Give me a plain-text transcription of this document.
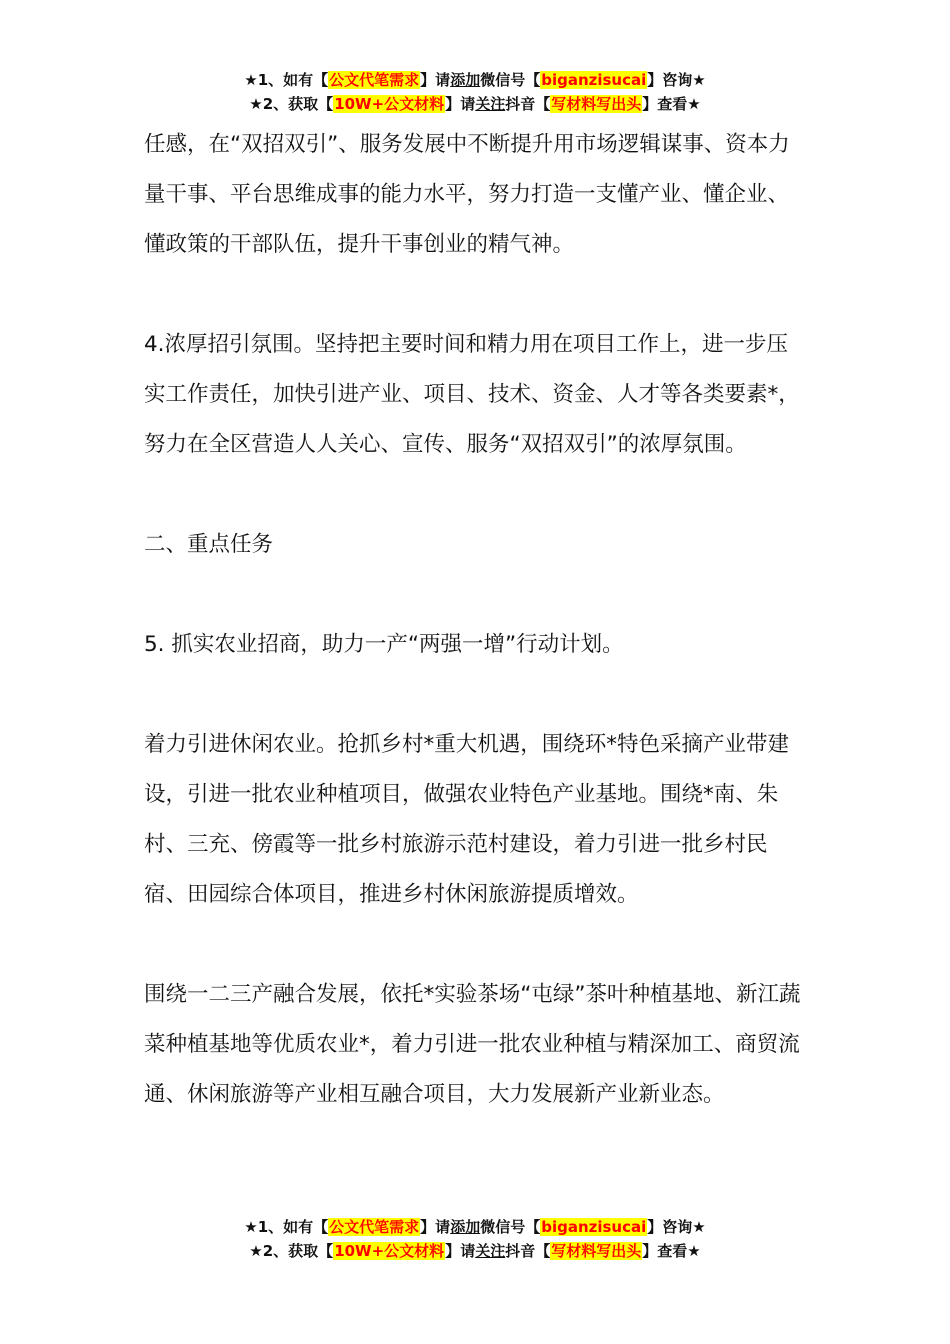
★1、如有【公文代笔需求】请添加微信号【biganzisucai】咨询★
★2、获取【10W+公文材料】请关注抖音【写材料写出头】查看★

任感，在“双招双引”、服务发展中不断提升用市场逻辑谋事、资本力量干事、平台思维成事的能力水平，努力打造一支懂产业、懂企业、懂政策的干部队伍，提升干事创业的精气神。

4.浓厚招引氛围。坚持把主要时间和精力用在项目工作上，进一步压实工作责任，加快引进产业、项目、技术、资金、人才等各类要素*，努力在全区营造人人关心、宣传、服务“双招双引”的浓厚氛围。

二、重点任务

5. 抓实农业招商，助力一产“两强一增”行动计划。

着力引进休闲农业。抢抓乡村*重大机遇，围绕环*特色采摘产业带建设，引进一批农业种植项目，做强农业特色产业基地。围绕*南、朱村、三充、傍霞等一批乡村旅游示范村建设，着力引进一批乡村民宿、田园综合体项目，推进乡村休闲旅游提质增效。

围绕一二三产融合发展，依托*实验茶场“屯绿”茶叶种植基地、新江蔬菜种植基地等优质农业*，着力引进一批农业种植与精深加工、商贸流通、休闲旅游等产业相互融合项目，大力发展新产业新业态。

★1、如有【公文代笔需求】请添加微信号【biganzisucai】咨询★
★2、获取【10W+公文材料】请关注抖音【写材料写出头】查看★
